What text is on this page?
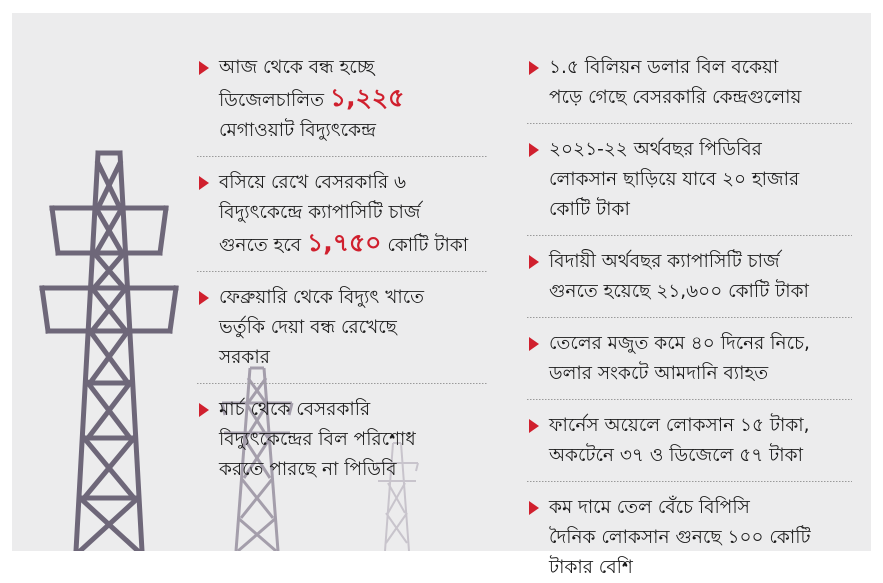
আজ থেকে বন্ধ হচ্ছে
ডিজেলচালিত ১,২২৫
মেগাওয়াট বিদ্যুৎকেন্দ্র
বসিয়ে রেখে বেসরকারি ৬
বিদ্যুৎকেন্দ্রে ক্যাপাসিটি চার্জ
গুনতে হবে ১,৭৫০ কোটি টাকা
ফেব্রুয়ারি থেকে বিদ্যুৎ খাতে
ভর্তুকি দেয়া বন্ধ রেখেছে
সরকার
মার্চ থেকে বেসরকারি
বিদ্যুৎকেন্দ্রের বিল পরিশোধ
করতে পারছে না পিডিবি
১.৫ বিলিয়ন ডলার বিল বকেয়া
পড়ে গেছে বেসরকারি কেন্দ্রগুলোয়
২০২১-২২ অর্থবছর পিডিবির
লোকসান ছাড়িয়ে যাবে ২০ হাজার
কোটি টাকা
বিদায়ী অর্থবছর ক্যাপাসিটি চার্জ
গুনতে হয়েছে ২১,৬০০ কোটি টাকা
তেলের মজুত কমে ৪০ দিনের নিচে,
ডলার সংকটে আমদানি ব্যাহত
ফার্নেস অয়েলে লোকসান ১৫ টাকা,
অকটেনে ৩৭ ও ডিজেলে ৫৭ টাকা
কম দামে তেল বেঁচে বিপিসি
দৈনিক লোকসান গুনছে ১০০ কোটি
টাকার বেশি
